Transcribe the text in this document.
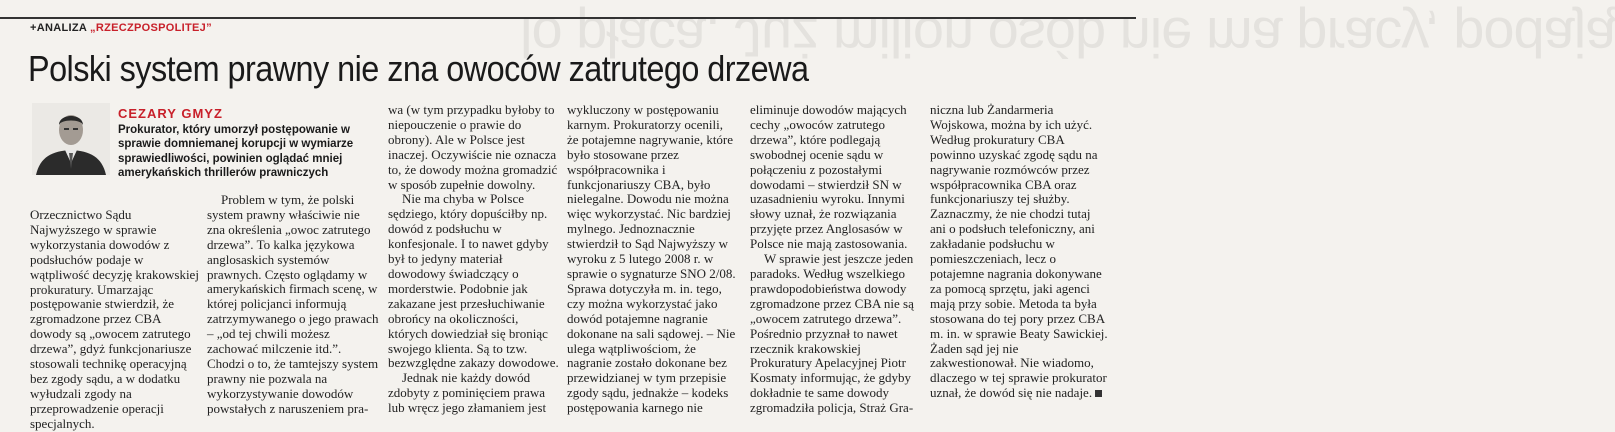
lo płaca. Już milion osób nie ma pracy, podają
+ANALIZA „RZECZPOSPOLITEJ”
Polski system prawny nie zna owoców zatrutego drzewa
CEZARY GMYZ
Prokurator, który umorzył postępowanie w sprawie domniemanej korupcji w wymiarze sprawiedliwości, powinien oglądać mniej amerykańskich thrillerów prawniczych

Orzecznictwo Sądu Najwyższego w sprawie wykorzystania dowodów z podsłuchów podaje w wątpliwość decyzję krakowskiej prokuratury. Umarzając postępowanie stwierdził, że zgromadzone przez CBA dowody są „owocem zatrutego drzewa”, gdyż funkcjonariusze stosowali technikę operacyjną bez zgody sądu, a w dodatku wyłudzali zgody na przeprowadzenie operacji specjalnych.

Problem w tym, że polski system prawny właściwie nie zna określenia „owoc zatrutego drzewa”. To kalka językowa anglosaskich systemów prawnych. Często oglądamy w amerykańskich firmach scenę, w której policjanci informują zatrzymywanego o jego prawach – „od tej chwili możesz zachować milczenie itd.”. Chodzi o to, że tamtejszy system prawny nie pozwala na wykorzystywanie dowodów powstałych z naruszeniem pra-

wa (w tym przypadku byłoby to niepouczenie o prawie do obrony). Ale w Polsce jest inaczej. Oczywiście nie oznacza to, że dowody można gromadzić w sposób zupełnie dowolny.

Nie ma chyba w Polsce sędziego, który dopuściłby np. dowód z podsłuchu w konfesjonale. I to nawet gdyby był to jedyny materiał dowodowy świadczący o morderstwie. Podobnie jak zakazane jest przesłuchiwanie obrońcy na okoliczności, których dowiedział się broniąc swojego klienta. Są to tzw. bezwzględne zakazy dowodowe.

Jednak nie każdy dowód zdobyty z pominięciem prawa lub wręcz jego złamaniem jest

wykluczony w postępowaniu karnym. Prokuratorzy ocenili, że potajemne nagrywanie, które było stosowane przez współpracownika i funkcjonariuszy CBA, było nielegalne. Dowodu nie można więc wykorzystać. Nic bardziej mylnego. Jednoznacznie stwierdził to Sąd Najwyższy w wyroku z 5 lutego 2008 r. w sprawie o sygnaturze SNO 2/08. Sprawa dotyczyła m. in. tego, czy można wykorzystać jako dowód potajemne nagranie dokonane na sali sądowej. – Nie ulega wątpliwościom, że nagranie zostało dokonane bez przewidzianej w tym przepisie zgody sądu, jednakże – kodeks postępowania karnego nie

eliminuje dowodów mających cechy „owoców zatrutego drzewa”, które podlegają swobodnej ocenie sądu w połączeniu z pozostałymi dowodami – stwierdził SN w uzasadnieniu wyroku. Innymi słowy uznał, że rozwiązania przyjęte przez Anglosasów w Polsce nie mają zastosowania.

W sprawie jest jeszcze jeden paradoks. Według wszelkiego prawdopodobieństwa dowody zgromadzone przez CBA nie są „owocem zatrutego drzewa”. Pośrednio przyznał to nawet rzecznik krakowskiej Prokuratury Apelacyjnej Piotr Kosmaty informując, że gdyby dokładnie te same dowody zgromadziła policja, Straż Gra-

niczna lub Żandarmeria Wojskowa, można by ich użyć. Według prokuratury CBA powinno uzyskać zgodę sądu na nagrywanie rozmówców przez współpracownika CBA oraz funkcjonariuszy tej służby. Zaznaczmy, że nie chodzi tutaj ani o podsłuch telefoniczny, ani zakładanie podsłuchu w pomieszczeniach, lecz o potajemne nagrania dokonywane za pomocą sprzętu, jaki agenci mają przy sobie. Metoda ta była stosowana do tej pory przez CBA m. in. w sprawie Beaty Sawickiej. Żaden sąd jej nie zakwestionował. Nie wiadomo, dlaczego w tej sprawie prokurator uznał, że dowód się nie nadaje.
